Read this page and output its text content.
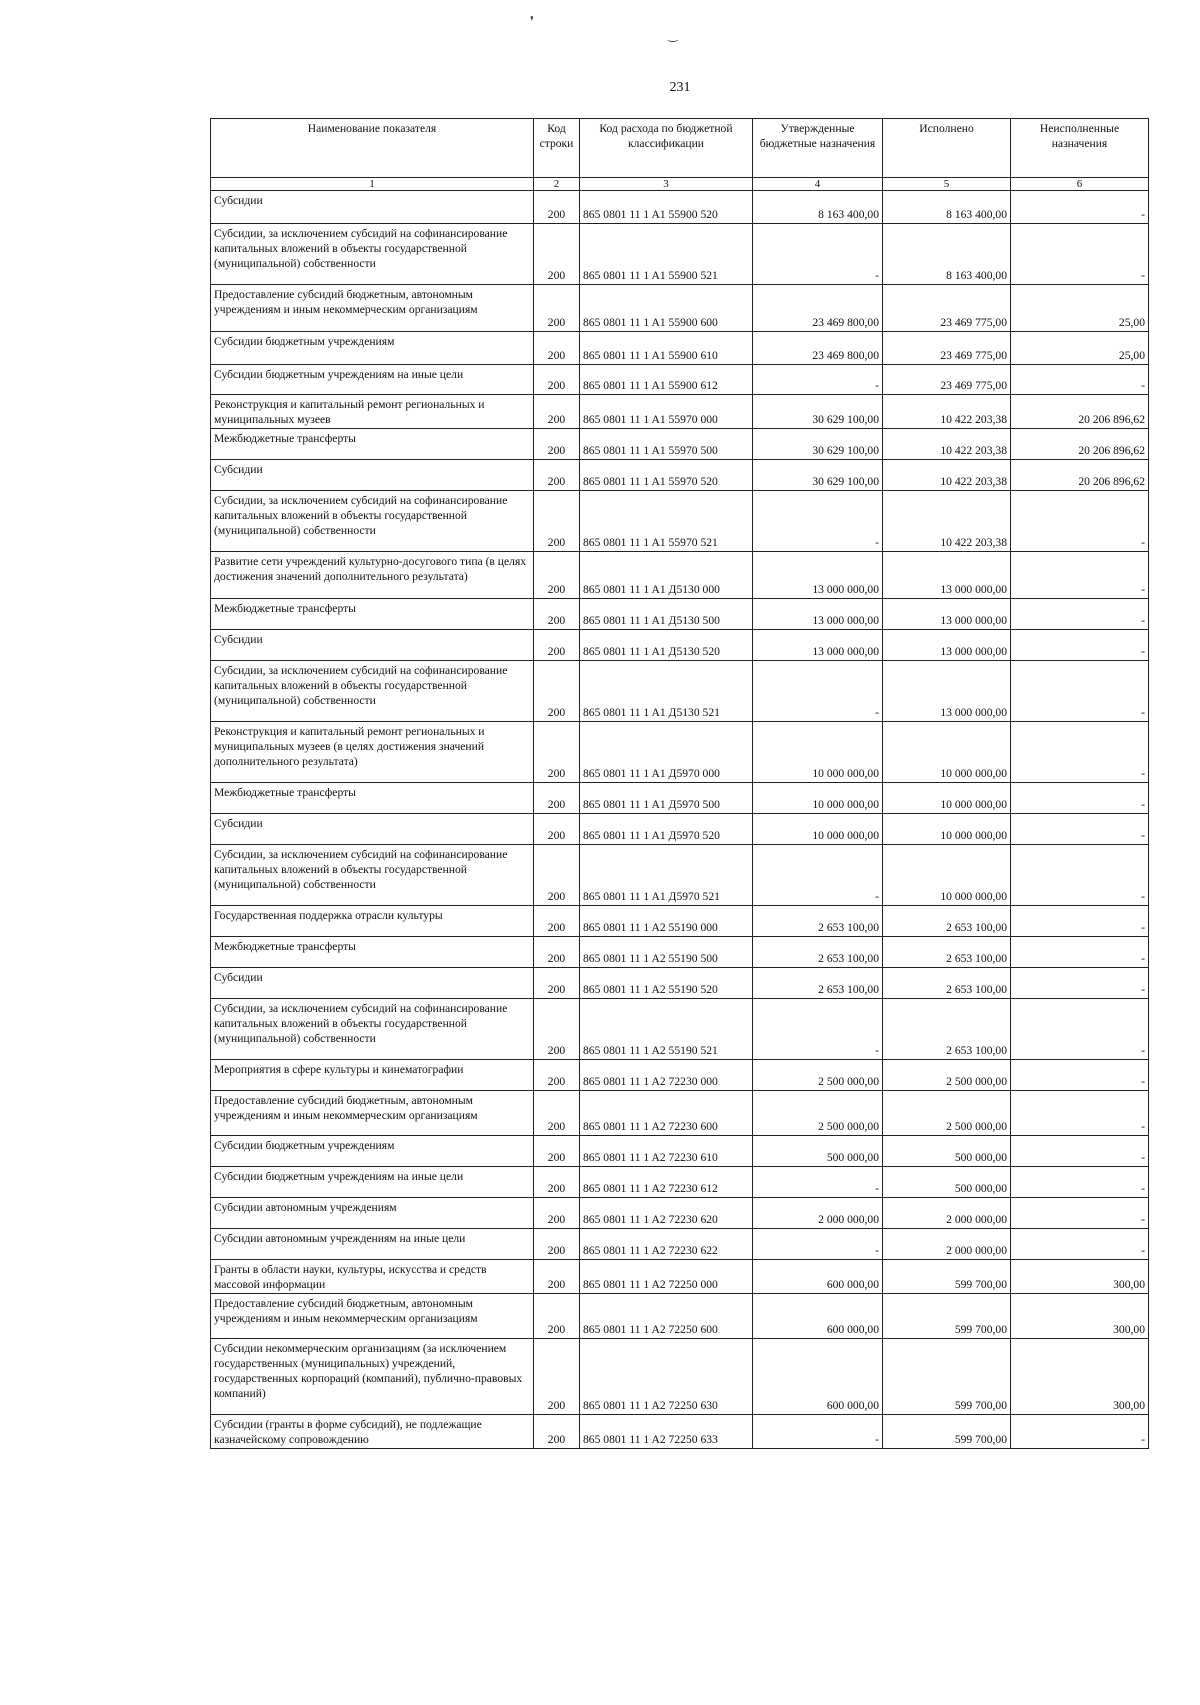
231
❜
‿
Наименование показателя	Код строки	Код расхода по бюджетной классификации	Утвержденные бюджетные назначения	Исполнено	Неисполненные назначения
1	2	3	4	5	6

Субсидии	200	865 0801 11 1 A1 55900 520	8 163 400,00	8 163 400,00	-

Субсидии, за исключением субсидий на софинансирование капитальных вложений в объекты государственной (муниципальной) собственности	200	865 0801 11 1 A1 55900 521	-	8 163 400,00	-

Предоставление субсидий бюджетным, автономным учреждениям и иным некоммерческим организациям	200	865 0801 11 1 A1 55900 600	23 469 800,00	23 469 775,00	25,00

Субсидии бюджетным учреждениям	200	865 0801 11 1 A1 55900 610	23 469 800,00	23 469 775,00	25,00

Субсидии бюджетным учреждениям на иные цели	200	865 0801 11 1 A1 55900 612	-	23 469 775,00	-

Реконструкция и капитальный ремонт региональных и муниципальных музеев	200	865 0801 11 1 A1 55970 000	30 629 100,00	10 422 203,38	20 206 896,62

Межбюджетные трансферты	200	865 0801 11 1 A1 55970 500	30 629 100,00	10 422 203,38	20 206 896,62

Субсидии	200	865 0801 11 1 A1 55970 520	30 629 100,00	10 422 203,38	20 206 896,62

Субсидии, за исключением субсидий на софинансирование капитальных вложений в объекты государственной (муниципальной) собственности	200	865 0801 11 1 A1 55970 521	-	10 422 203,38	-

Развитие сети учреждений культурно-досугового типа (в целях достижения значений дополнительного результата)	200	865 0801 11 1 A1 Д5130 000	13 000 000,00	13 000 000,00	-

Межбюджетные трансферты	200	865 0801 11 1 A1 Д5130 500	13 000 000,00	13 000 000,00	-

Субсидии	200	865 0801 11 1 A1 Д5130 520	13 000 000,00	13 000 000,00	-

Субсидии, за исключением субсидий на софинансирование капитальных вложений в объекты государственной (муниципальной) собственности	200	865 0801 11 1 A1 Д5130 521	-	13 000 000,00	-

Реконструкция и капитальный ремонт региональных и муниципальных музеев (в целях достижения значений дополнительного результата)	200	865 0801 11 1 A1 Д5970 000	10 000 000,00	10 000 000,00	-

Межбюджетные трансферты	200	865 0801 11 1 A1 Д5970 500	10 000 000,00	10 000 000,00	-

Субсидии	200	865 0801 11 1 A1 Д5970 520	10 000 000,00	10 000 000,00	-

Субсидии, за исключением субсидий на софинансирование капитальных вложений в объекты государственной (муниципальной) собственности	200	865 0801 11 1 A1 Д5970 521	-	10 000 000,00	-

Государственная поддержка отрасли культуры	200	865 0801 11 1 A2 55190 000	2 653 100,00	2 653 100,00	-

Межбюджетные трансферты	200	865 0801 11 1 A2 55190 500	2 653 100,00	2 653 100,00	-

Субсидии	200	865 0801 11 1 A2 55190 520	2 653 100,00	2 653 100,00	-

Субсидии, за исключением субсидий на софинансирование капитальных вложений в объекты государственной (муниципальной) собственности	200	865 0801 11 1 A2 55190 521	-	2 653 100,00	-

Мероприятия в сфере культуры и кинематографии	200	865 0801 11 1 A2 72230 000	2 500 000,00	2 500 000,00	-

Предоставление субсидий бюджетным, автономным учреждениям и иным некоммерческим организациям	200	865 0801 11 1 A2 72230 600	2 500 000,00	2 500 000,00	-

Субсидии бюджетным учреждениям	200	865 0801 11 1 A2 72230 610	500 000,00	500 000,00	-

Субсидии бюджетным учреждениям на иные цели	200	865 0801 11 1 A2 72230 612	-	500 000,00	-

Субсидии автономным учреждениям	200	865 0801 11 1 A2 72230 620	2 000 000,00	2 000 000,00	-

Субсидии автономным учреждениям на иные цели	200	865 0801 11 1 A2 72230 622	-	2 000 000,00	-

Гранты в области науки, культуры, искусства и средств массовой информации	200	865 0801 11 1 A2 72250 000	600 000,00	599 700,00	300,00

Предоставление субсидий бюджетным, автономным учреждениям и иным некоммерческим организациям	200	865 0801 11 1 A2 72250 600	600 000,00	599 700,00	300,00

Субсидии некоммерческим организациям (за исключением государственных (муниципальных) учреждений, государственных корпораций (компаний), публично-правовых компаний)	200	865 0801 11 1 A2 72250 630	600 000,00	599 700,00	300,00

Субсидии (гранты в форме субсидий), не подлежащие казначейскому сопровождению	200	865 0801 11 1 A2 72250 633	-	599 700,00	-
